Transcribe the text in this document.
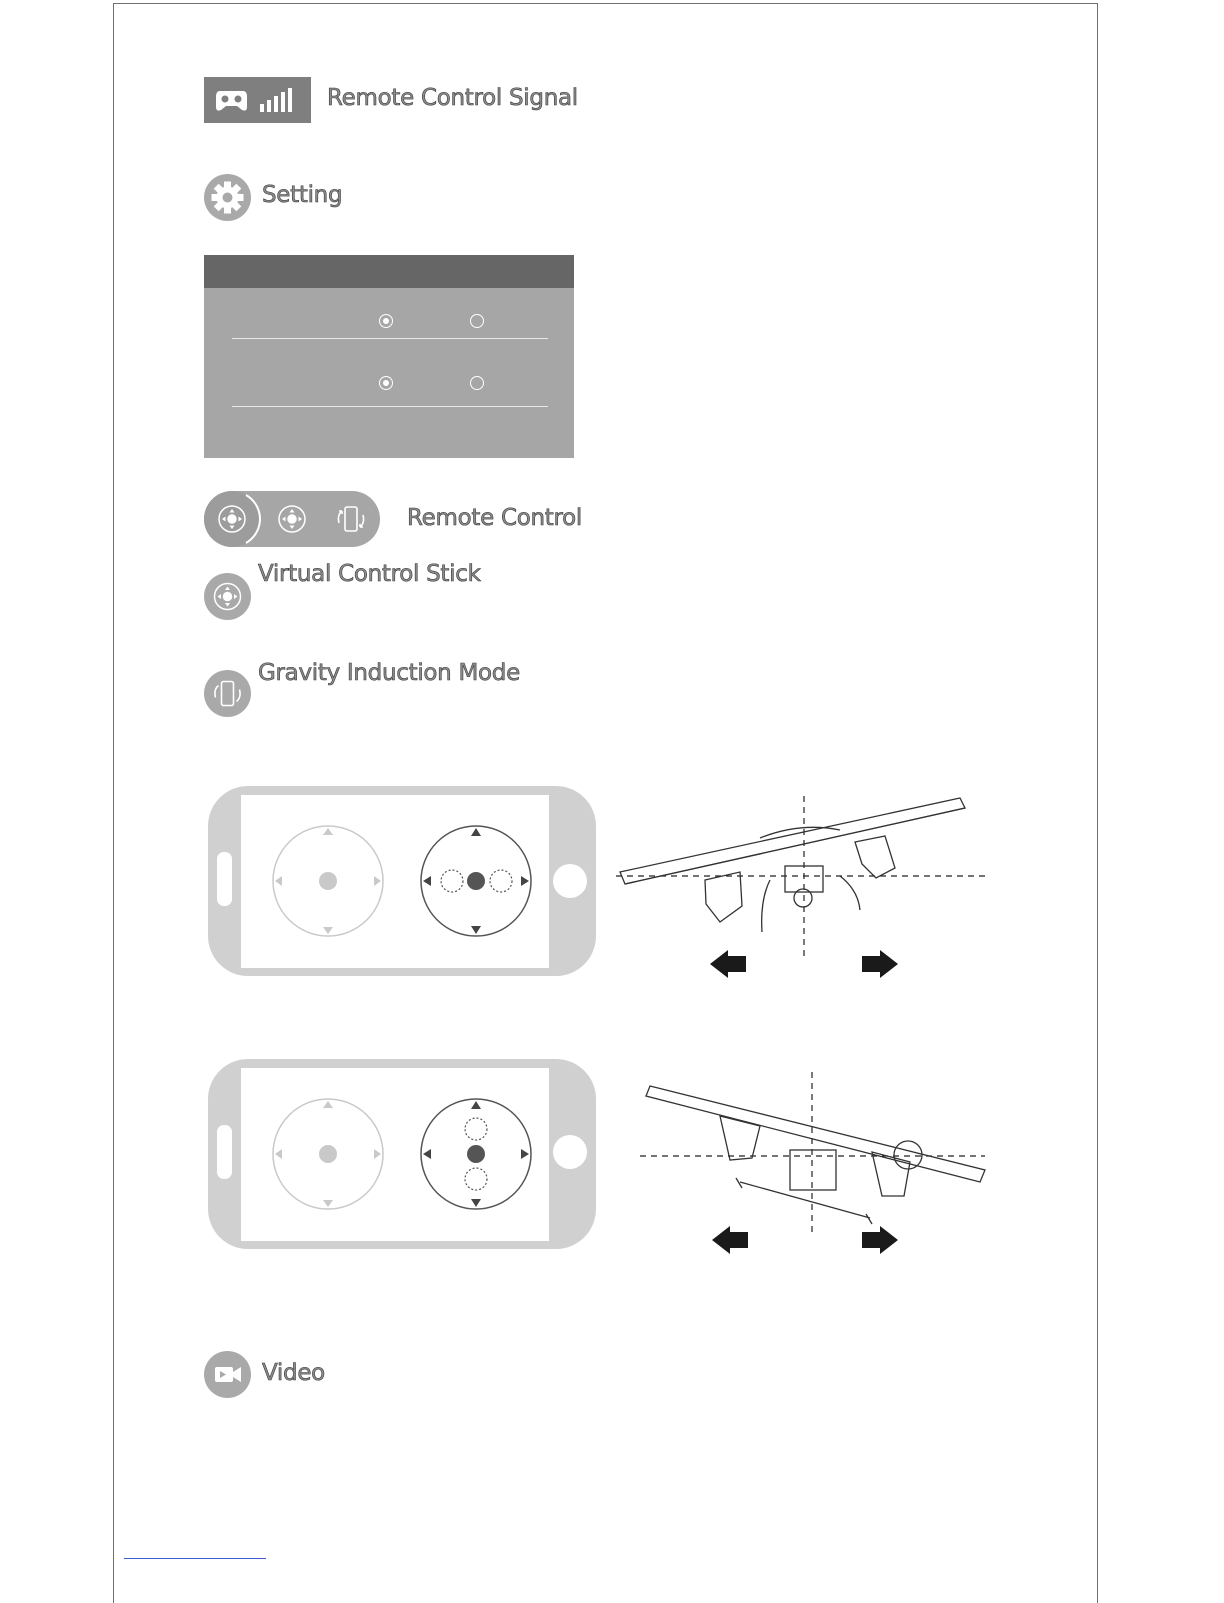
Remote Control Signal
Setting
Remote Control
Virtual Control Stick
Gravity Induction Mode
Video
